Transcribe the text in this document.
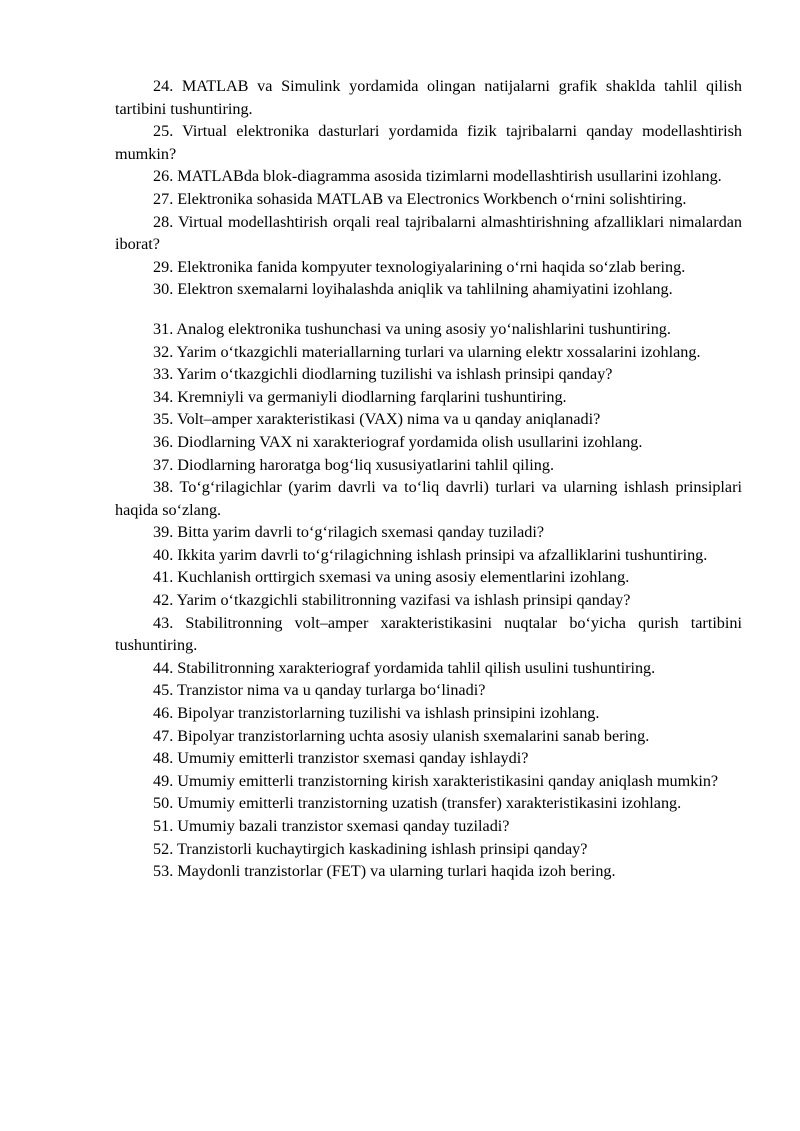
24. MATLAB va Simulink yordamida olingan natijalarni grafik shaklda tahlil qilish tartibini tushuntiring.

25. Virtual elektronika dasturlari yordamida fizik tajribalarni qanday modellashtirish mumkin?

26. MATLABda blok-diagramma asosida tizimlarni modellashtirish usullarini izohlang.

27. Elektronika sohasida MATLAB va Electronics Workbench o‘rnini solishtiring.

28. Virtual modellashtirish orqali real tajribalarni almashtirishning afzalliklari nimalardan iborat?

29. Elektronika fanida kompyuter texnologiyalarining o‘rni haqida so‘zlab bering.

30. Elektron sxemalarni loyihalashda aniqlik va tahlilning ahamiyatini izohlang.

31. Analog elektronika tushunchasi va uning asosiy yo‘nalishlarini tushuntiring.

32. Yarim o‘tkazgichli materiallarning turlari va ularning elektr xossalarini izohlang.

33. Yarim o‘tkazgichli diodlarning tuzilishi va ishlash prinsipi qanday?

34. Kremniyli va germaniyli diodlarning farqlarini tushuntiring.

35. Volt–amper xarakteristikasi (VAX) nima va u qanday aniqlanadi?

36. Diodlarning VAX ni xarakteriograf yordamida olish usullarini izohlang.

37. Diodlarning haroratga bog‘liq xususiyatlarini tahlil qiling.

38. To‘g‘rilagichlar (yarim davrli va to‘liq davrli) turlari va ularning ishlash prinsiplari haqida so‘zlang.

39. Bitta yarim davrli to‘g‘rilagich sxemasi qanday tuziladi?

40. Ikkita yarim davrli to‘g‘rilagichning ishlash prinsipi va afzalliklarini tushuntiring.

41. Kuchlanish orttirgich sxemasi va uning asosiy elementlarini izohlang.

42. Yarim o‘tkazgichli stabilitronning vazifasi va ishlash prinsipi qanday?

43. Stabilitronning volt–amper xarakteristikasini nuqtalar bo‘yicha qurish tartibini tushuntiring.

44. Stabilitronning xarakteriograf yordamida tahlil qilish usulini tushuntiring.

45. Tranzistor nima va u qanday turlarga bo‘linadi?

46. Bipolyar tranzistorlarning tuzilishi va ishlash prinsipini izohlang.

47. Bipolyar tranzistorlarning uchta asosiy ulanish sxemalarini sanab bering.

48. Umumiy emitterli tranzistor sxemasi qanday ishlaydi?

49. Umumiy emitterli tranzistorning kirish xarakteristikasini qanday aniqlash mumkin?

50. Umumiy emitterli tranzistorning uzatish (transfer) xarakteristikasini izohlang.

51. Umumiy bazali tranzistor sxemasi qanday tuziladi?

52. Tranzistorli kuchaytirgich kaskadining ishlash prinsipi qanday?

53. Maydonli tranzistorlar (FET) va ularning turlari haqida izoh bering.
